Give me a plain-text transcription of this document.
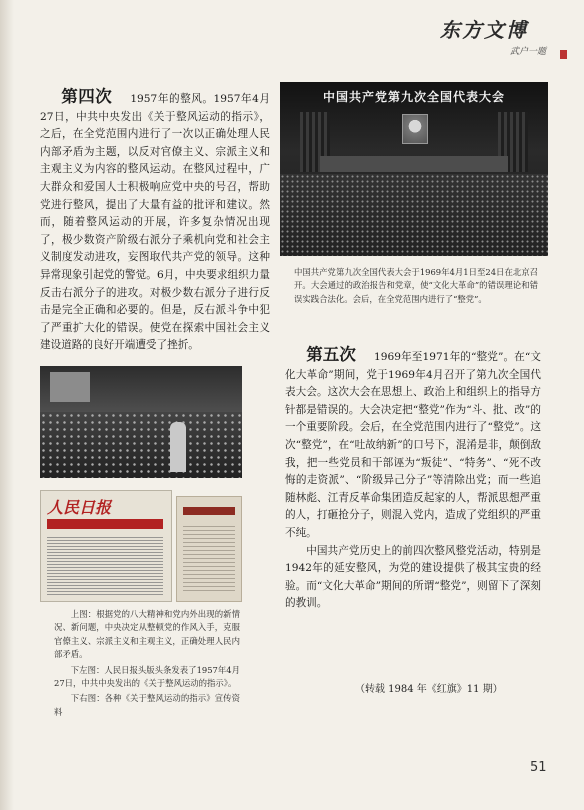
东方文博
武户一题

第四次 1957年的整风。1957年4月27日，中共中央发出《关于整风运动的指示》，之后，在全党范围内进行了一次以正确处理人民内部矛盾为主题，以反对官僚主义、宗派主义和主观主义为内容的整风运动。在整风过程中，广大群众和爱国人士积极响应党中央的号召，帮助党进行整风，提出了大量有益的批评和建议。然而，随着整风运动的开展，许多复杂情况出现了，极少数资产阶级右派分子乘机向党和社会主义制度发动进攻，妄图取代共产党的领导。这种异常现象引起党的警觉。6月，中央要求组织力量反击右派分子的进攻。对极少数右派分子进行反击是完全正确和必要的。但是，反右派斗争中犯了严重扩大化的错误。使党在探索中国社会主义建设道路的良好开端遭受了挫折。

中国共产党第九次全国代表大会
中国共产党第九次全国代表大会于1969年4月1日至24日在北京召开。大会通过的政治报告和党章，使“文化大革命”的错误理论和错误实践合法化。会后，在全党范围内进行了“整党”。

第五次 1969年至1971年的“整党”。在“文化大革命”期间，党于1969年4月召开了第九次全国代表大会。这次大会在思想上、政治上和组织上的指导方针都是错误的。大会决定把“整党”作为“斗、批、改”的一个重要阶段。会后，在全党范围内进行了“整党”。这次“整党”，在“吐故纳新”的口号下，混淆是非，颠倒敌我，把一些党员和干部诬为“叛徒”、“特务”、“死不改悔的走资派”、“阶级异己分子”等清除出党；而一些追随林彪、江青反革命集团造反起家的人，帮派思想严重的人，打砸抢分子，则混入党内，造成了党组织的严重不纯。

中国共产党历史上的前四次整风整党活动，特别是1942年的延安整风，为党的建设提供了极其宝贵的经验。而“文化大革命”期间的所谓“整党”，则留下了深刻的教训。

（转载 1984 年《红旗》11 期）
人民日报

上图：根据党的八大精神和党内外出现的新情况、新问题，中央决定从整顿党的作风入手，克服官僚主义、宗派主义和主观主义，正确处理人民内部矛盾。

下左图：人民日报头版头条发表了1957年4月27日，中共中央发出的《关于整风运动的指示》。

下右图：各种《关于整风运动的指示》宣传资料

51
